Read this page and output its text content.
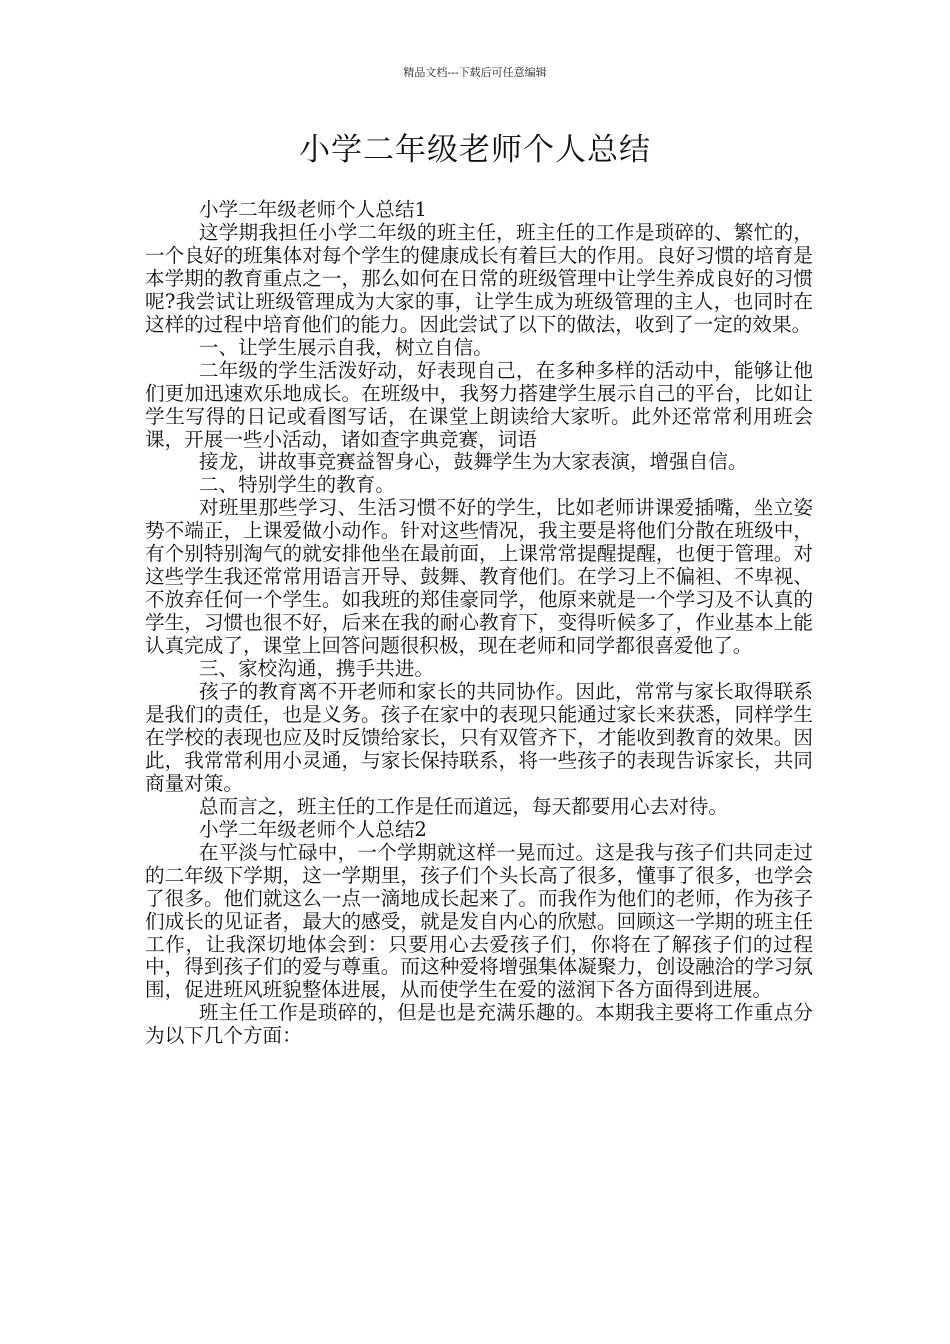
精品文档---下载后可任意编辑
小学二年级老师个人总结

小学二年级老师个人总结1

这学期我担任小学二年级的班主任，班主任的工作是琐碎的、繁忙的，一个良好的班集体对每个学生的健康成长有着巨大的作用。良好习惯的培育是本学期的教育重点之一，那么如何在日常的班级管理中让学生养成良好的习惯呢?我尝试让班级管理成为大家的事，让学生成为班级管理的主人，也同时在这样的过程中培育他们的能力。因此尝试了以下的做法，收到了一定的效果。

一、让学生展示自我，树立自信。

二年级的学生活泼好动，好表现自己，在多种多样的活动中，能够让他们更加迅速欢乐地成长。在班级中，我努力搭建学生展示自己的平台，比如让学生写得的日记或看图写话，在课堂上朗读给大家听。此外还常常利用班会课，开展一些小活动，诸如查字典竞赛，词语

接龙，讲故事竞赛益智身心，鼓舞学生为大家表演，增强自信。

二、特别学生的教育。

对班里那些学习、生活习惯不好的学生，比如老师讲课爱插嘴，坐立姿势不端正，上课爱做小动作。针对这些情况，我主要是将他们分散在班级中，有个别特别淘气的就安排他坐在最前面，上课常常提醒提醒，也便于管理。对这些学生我还常常用语言开导、鼓舞、教育他们。在学习上不偏袒、不卑视、不放弃任何一个学生。如我班的郑佳豪同学，他原来就是一个学习及不认真的学生，习惯也很不好，后来在我的耐心教育下，变得听候多了，作业基本上能认真完成了，课堂上回答问题很积极，现在老师和同学都很喜爱他了。

三、家校沟通，携手共进。

孩子的教育离不开老师和家长的共同协作。因此，常常与家长取得联系是我们的责任，也是义务。孩子在家中的表现只能通过家长来获悉，同样学生在学校的表现也应及时反馈给家长，只有双管齐下，才能收到教育的效果。因此，我常常利用小灵通，与家长保持联系，将一些孩子的表现告诉家长，共同商量对策。

总而言之，班主任的工作是任而道远，每天都要用心去对待。

小学二年级老师个人总结2

在平淡与忙碌中，一个学期就这样一晃而过。这是我与孩子们共同走过的二年级下学期，这一学期里，孩子们个头长高了很多，懂事了很多，也学会了很多。他们就这么一点一滴地成长起来了。而我作为他们的老师，作为孩子们成长的见证者，最大的感受，就是发自内心的欣慰。回顾这一学期的班主任工作，让我深切地体会到：只要用心去爱孩子们，你将在了解孩子们的过程中，得到孩子们的爱与尊重。而这种爱将增强集体凝聚力，创设融洽的学习氛围，促进班风班貌整体进展，从而使学生在爱的滋润下各方面得到进展。

班主任工作是琐碎的，但是也是充满乐趣的。本期我主要将工作重点分为以下几个方面：
